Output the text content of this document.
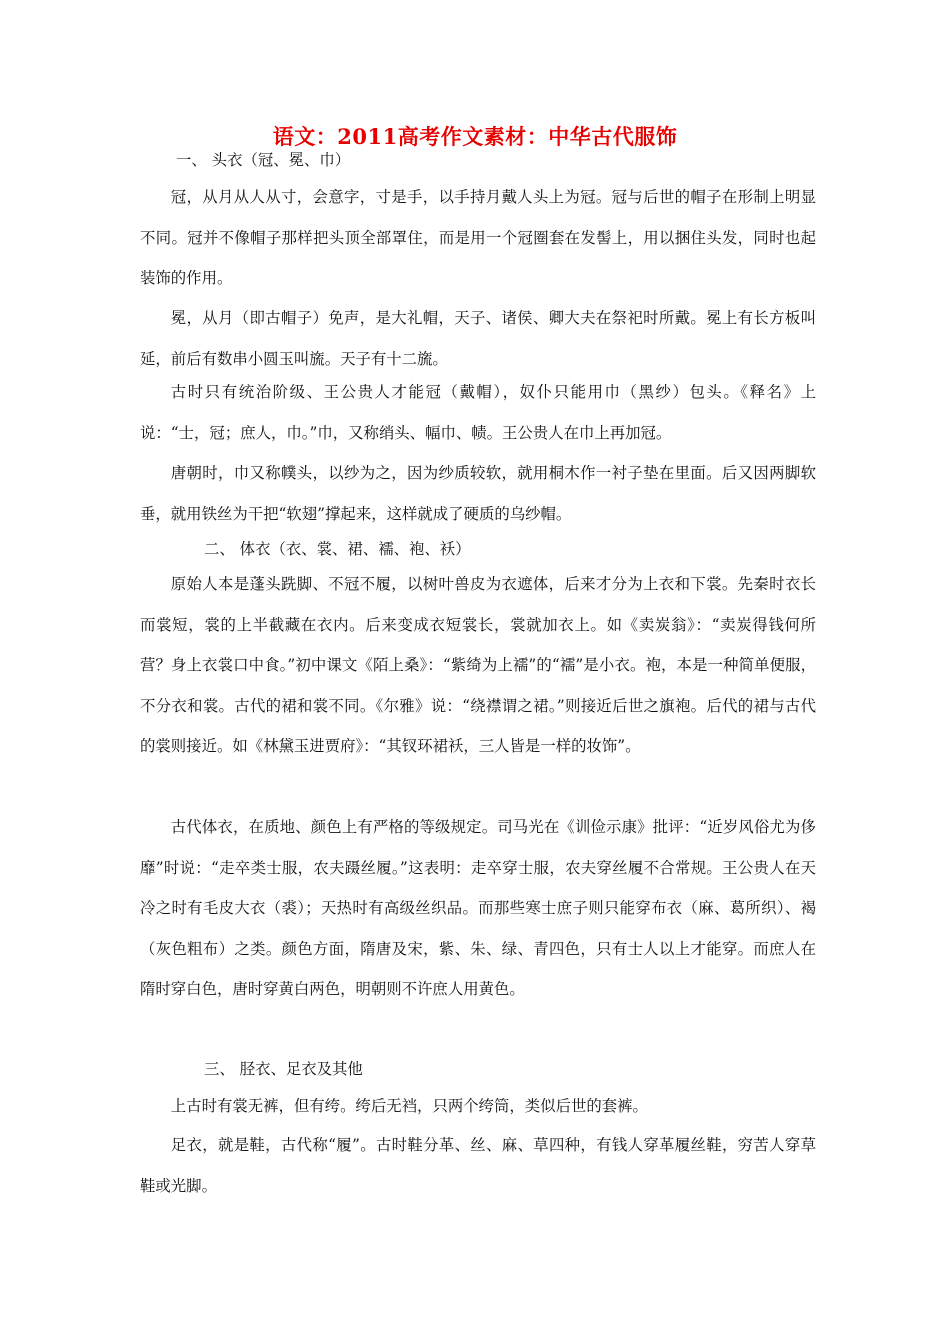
语文：2011高考作文素材：中华古代服饰
一、 头衣（冠、冕、巾）

冠，从月从人从寸，会意字，寸是手，以手持月戴人头上为冠。冠与后世的帽子在形制上明显不同。冠并不像帽子那样把头顶全部罩住，而是用一个冠圈套在发髻上，用以捆住头发，同时也起装饰的作用。

冕，从月（即古帽子）免声，是大礼帽，天子、诸侯、卿大夫在祭祀时所戴。冕上有长方板叫延，前后有数串小圆玉叫旒。天子有十二旒。

古时只有统治阶级、王公贵人才能冠（戴帽），奴仆只能用巾（黑纱）包头。《释名》上说：“士，冠；庶人，巾。”巾，又称绡头、幅巾、帻。王公贵人在巾上再加冠。

唐朝时，巾又称幞头，以纱为之，因为纱质较软，就用桐木作一衬子垫在里面。后又因两脚软垂，就用铁丝为干把“软翅”撑起来，这样就成了硬质的乌纱帽。

二、 体衣（衣、裳、裙、襦、袍、袄）

原始人本是蓬头跣脚、不冠不履，以树叶兽皮为衣遮体，后来才分为上衣和下裳。先秦时衣长而裳短，裳的上半截藏在衣内。后来变成衣短裳长，裳就加衣上。如《卖炭翁》：“卖炭得钱何所营？身上衣裳口中食。”初中课文《陌上桑》：“紫绮为上襦”的“襦”是小衣。袍，本是一种简单便服，不分衣和裳。古代的裙和裳不同。《尔雅》说：“绕襟谓之裙。”则接近后世之旗袍。后代的裙与古代的裳则接近。如《林黛玉进贾府》：“其钗环裙袄，三人皆是一样的妆饰”。

古代体衣，在质地、颜色上有严格的等级规定。司马光在《训俭示康》批评：“近岁风俗尤为侈靡”时说：“走卒类士服，农夫蹑丝履。”这表明：走卒穿士服，农夫穿丝履不合常规。王公贵人在天冷之时有毛皮大衣（裘）；天热时有高级丝织品。而那些寒士庶子则只能穿布衣（麻、葛所织）、褐（灰色粗布）之类。颜色方面，隋唐及宋，紫、朱、绿、青四色，只有士人以上才能穿。而庶人在隋时穿白色，唐时穿黄白两色，明朝则不许庶人用黄色。

三、 胫衣、足衣及其他

上古时有裳无裤，但有绔。绔后无裆，只两个绔筒，类似后世的套裤。

足衣，就是鞋，古代称“履”。古时鞋分革、丝、麻、草四种，有钱人穿革履丝鞋，穷苦人穿草鞋或光脚。
